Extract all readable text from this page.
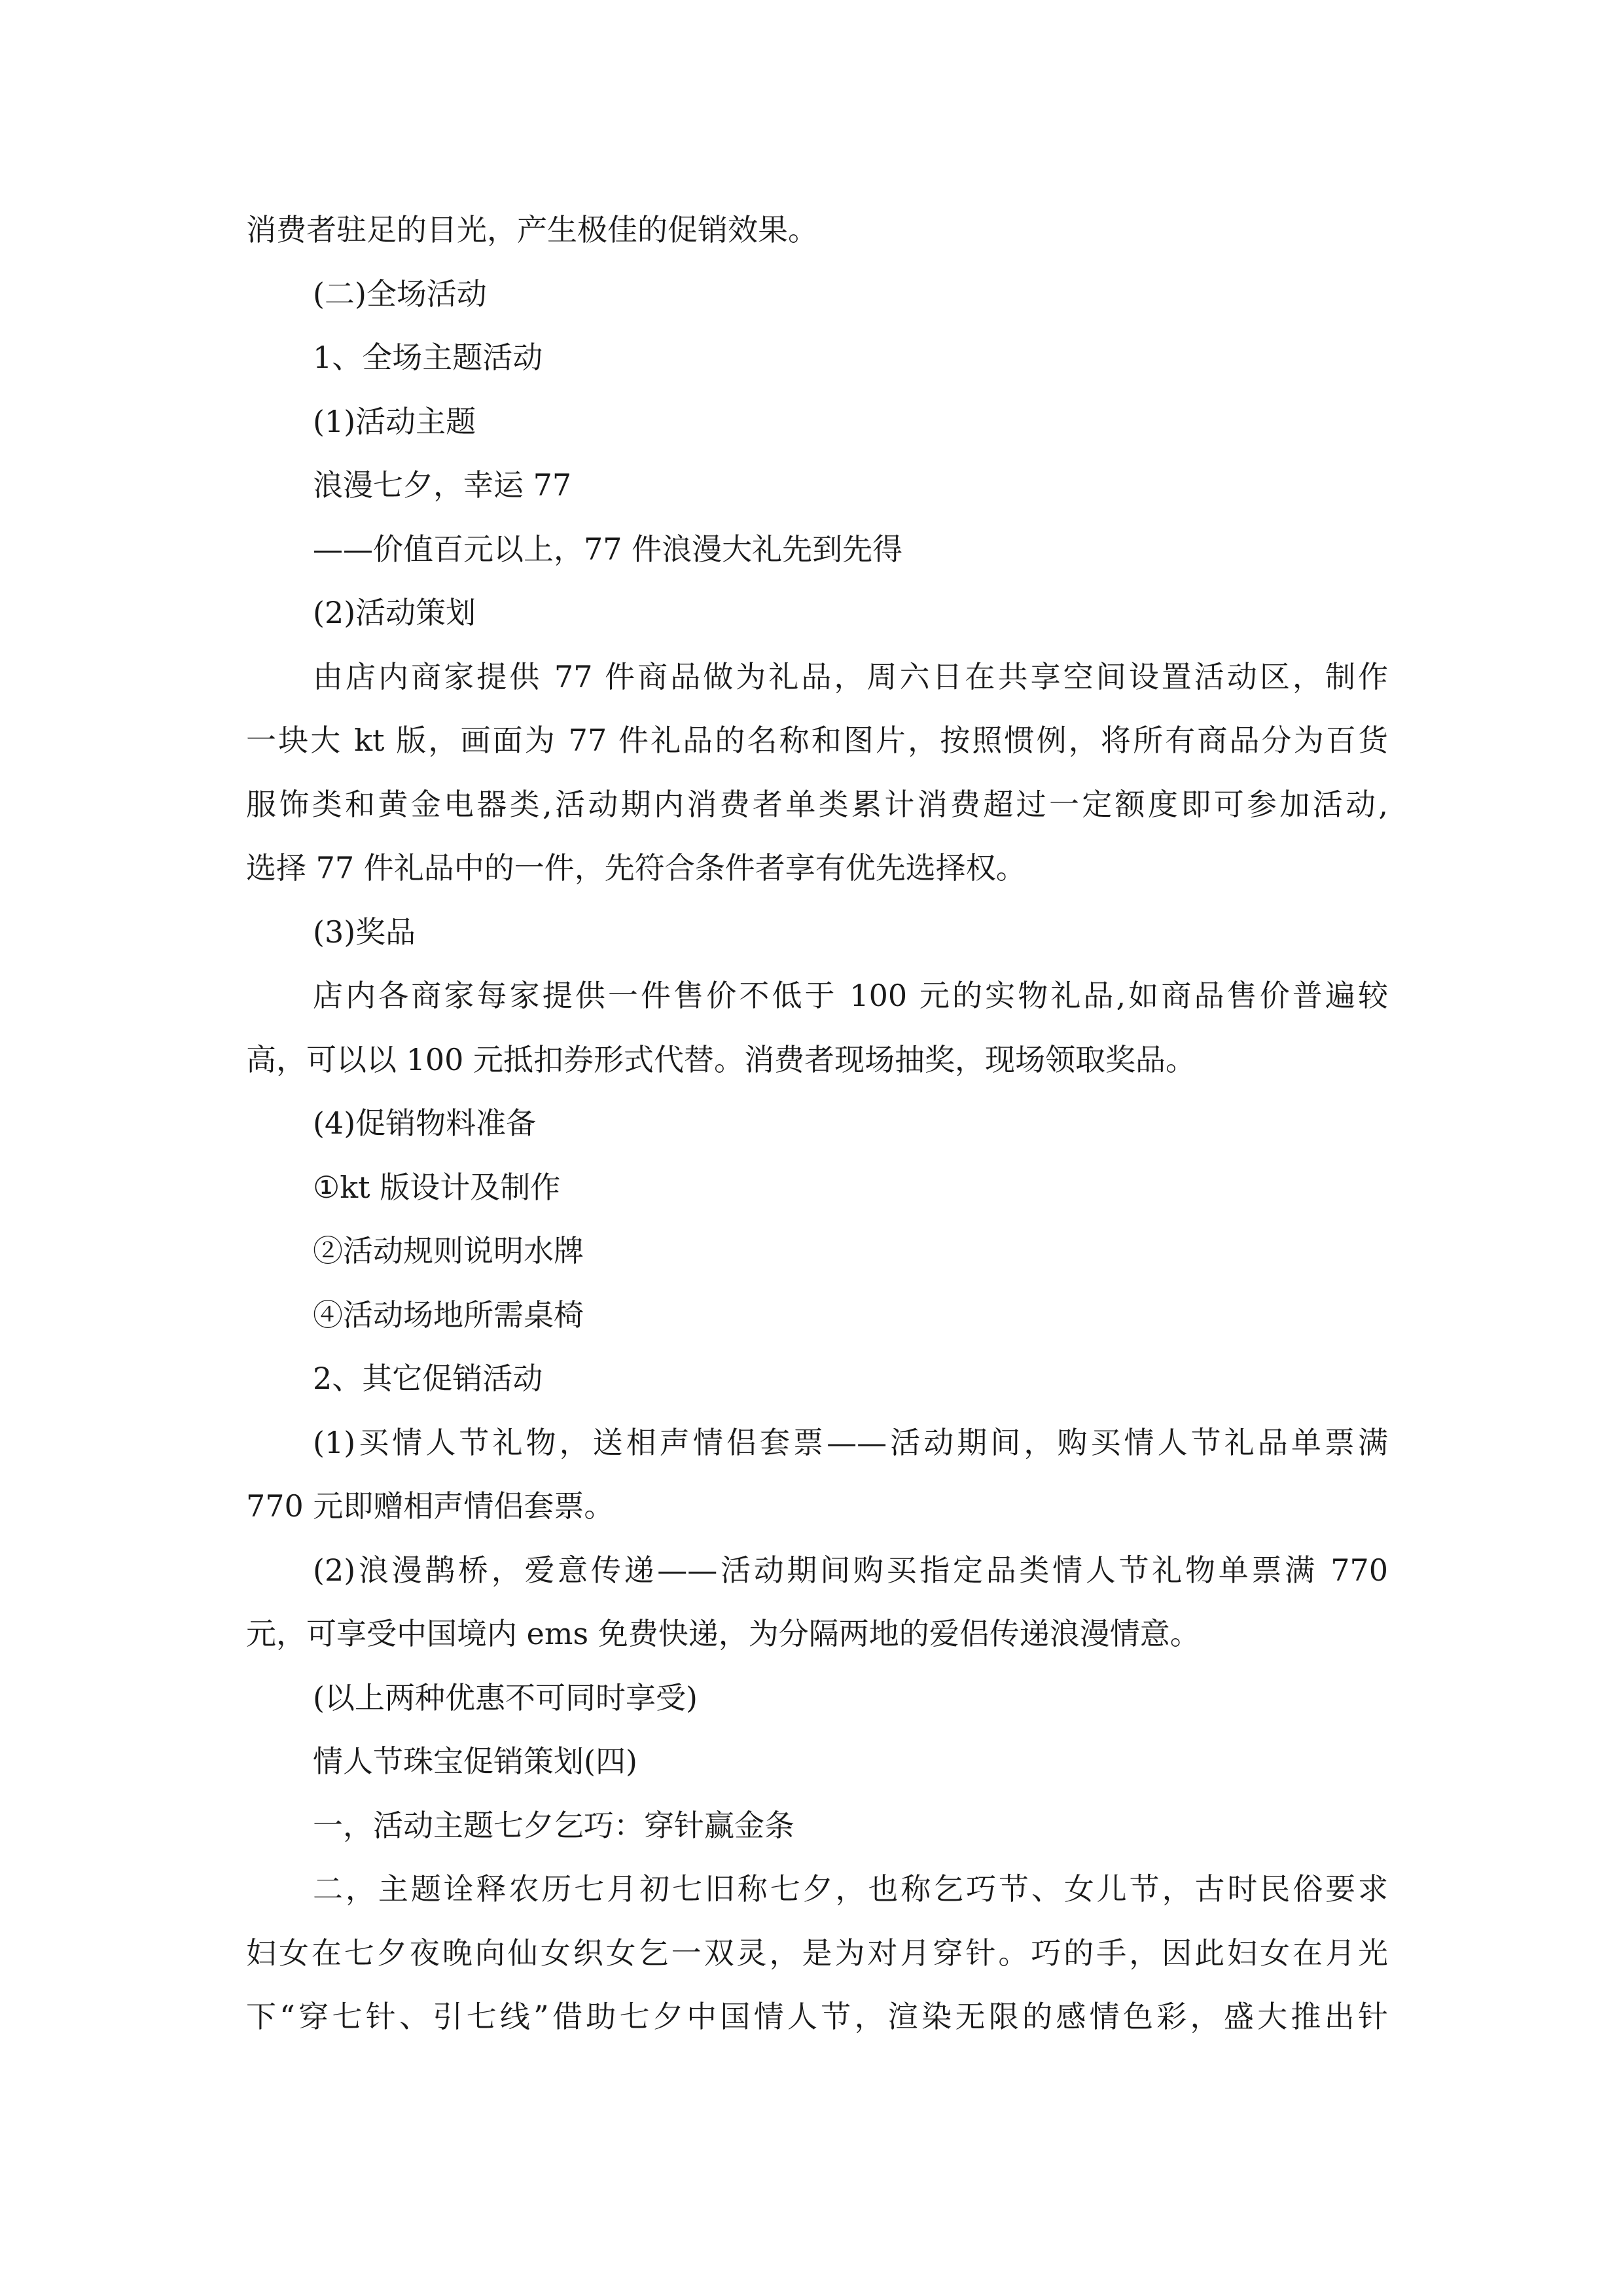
消费者驻足的目光，产生极佳的促销效果。

(二)全场活动

1、全场主题活动

(1)活动主题

浪漫七夕，幸运 77

——价值百元以上，77 件浪漫大礼先到先得

(2)活动策划

由店内商家提供 77 件商品做为礼品，周六日在共享空间设置活动区，制作

一块大 kt 版，画面为 77 件礼品的名称和图片，按照惯例，将所有商品分为百货

服饰类和黄金电器类,活动期内消费者单类累计消费超过一定额度即可参加活动,

选择 77 件礼品中的一件，先符合条件者享有优先选择权。

(3)奖品

店内各商家每家提供一件售价不低于 100 元的实物礼品,如商品售价普遍较

高，可以以 100 元抵扣券形式代替。消费者现场抽奖，现场领取奖品。

(4)促销物料准备

①kt 版设计及制作

②活动规则说明水牌

④活动场地所需桌椅

2、其它促销活动

(1)买情人节礼物，送相声情侣套票——活动期间，购买情人节礼品单票满

770 元即赠相声情侣套票。

(2)浪漫鹊桥，爱意传递——活动期间购买指定品类情人节礼物单票满 770

元，可享受中国境内 ems 免费快递，为分隔两地的爱侣传递浪漫情意。

(以上两种优惠不可同时享受)

情人节珠宝促销策划(四)

一，活动主题七夕乞巧：穿针赢金条

二，主题诠释农历七月初七旧称七夕，也称乞巧节、女儿节，古时民俗要求

妇女在七夕夜晚向仙女织女乞一双灵，是为对月穿针。巧的手，因此妇女在月光

下“穿七针、引七线”借助七夕中国情人节，渲染无限的感情色彩，盛大推出针
